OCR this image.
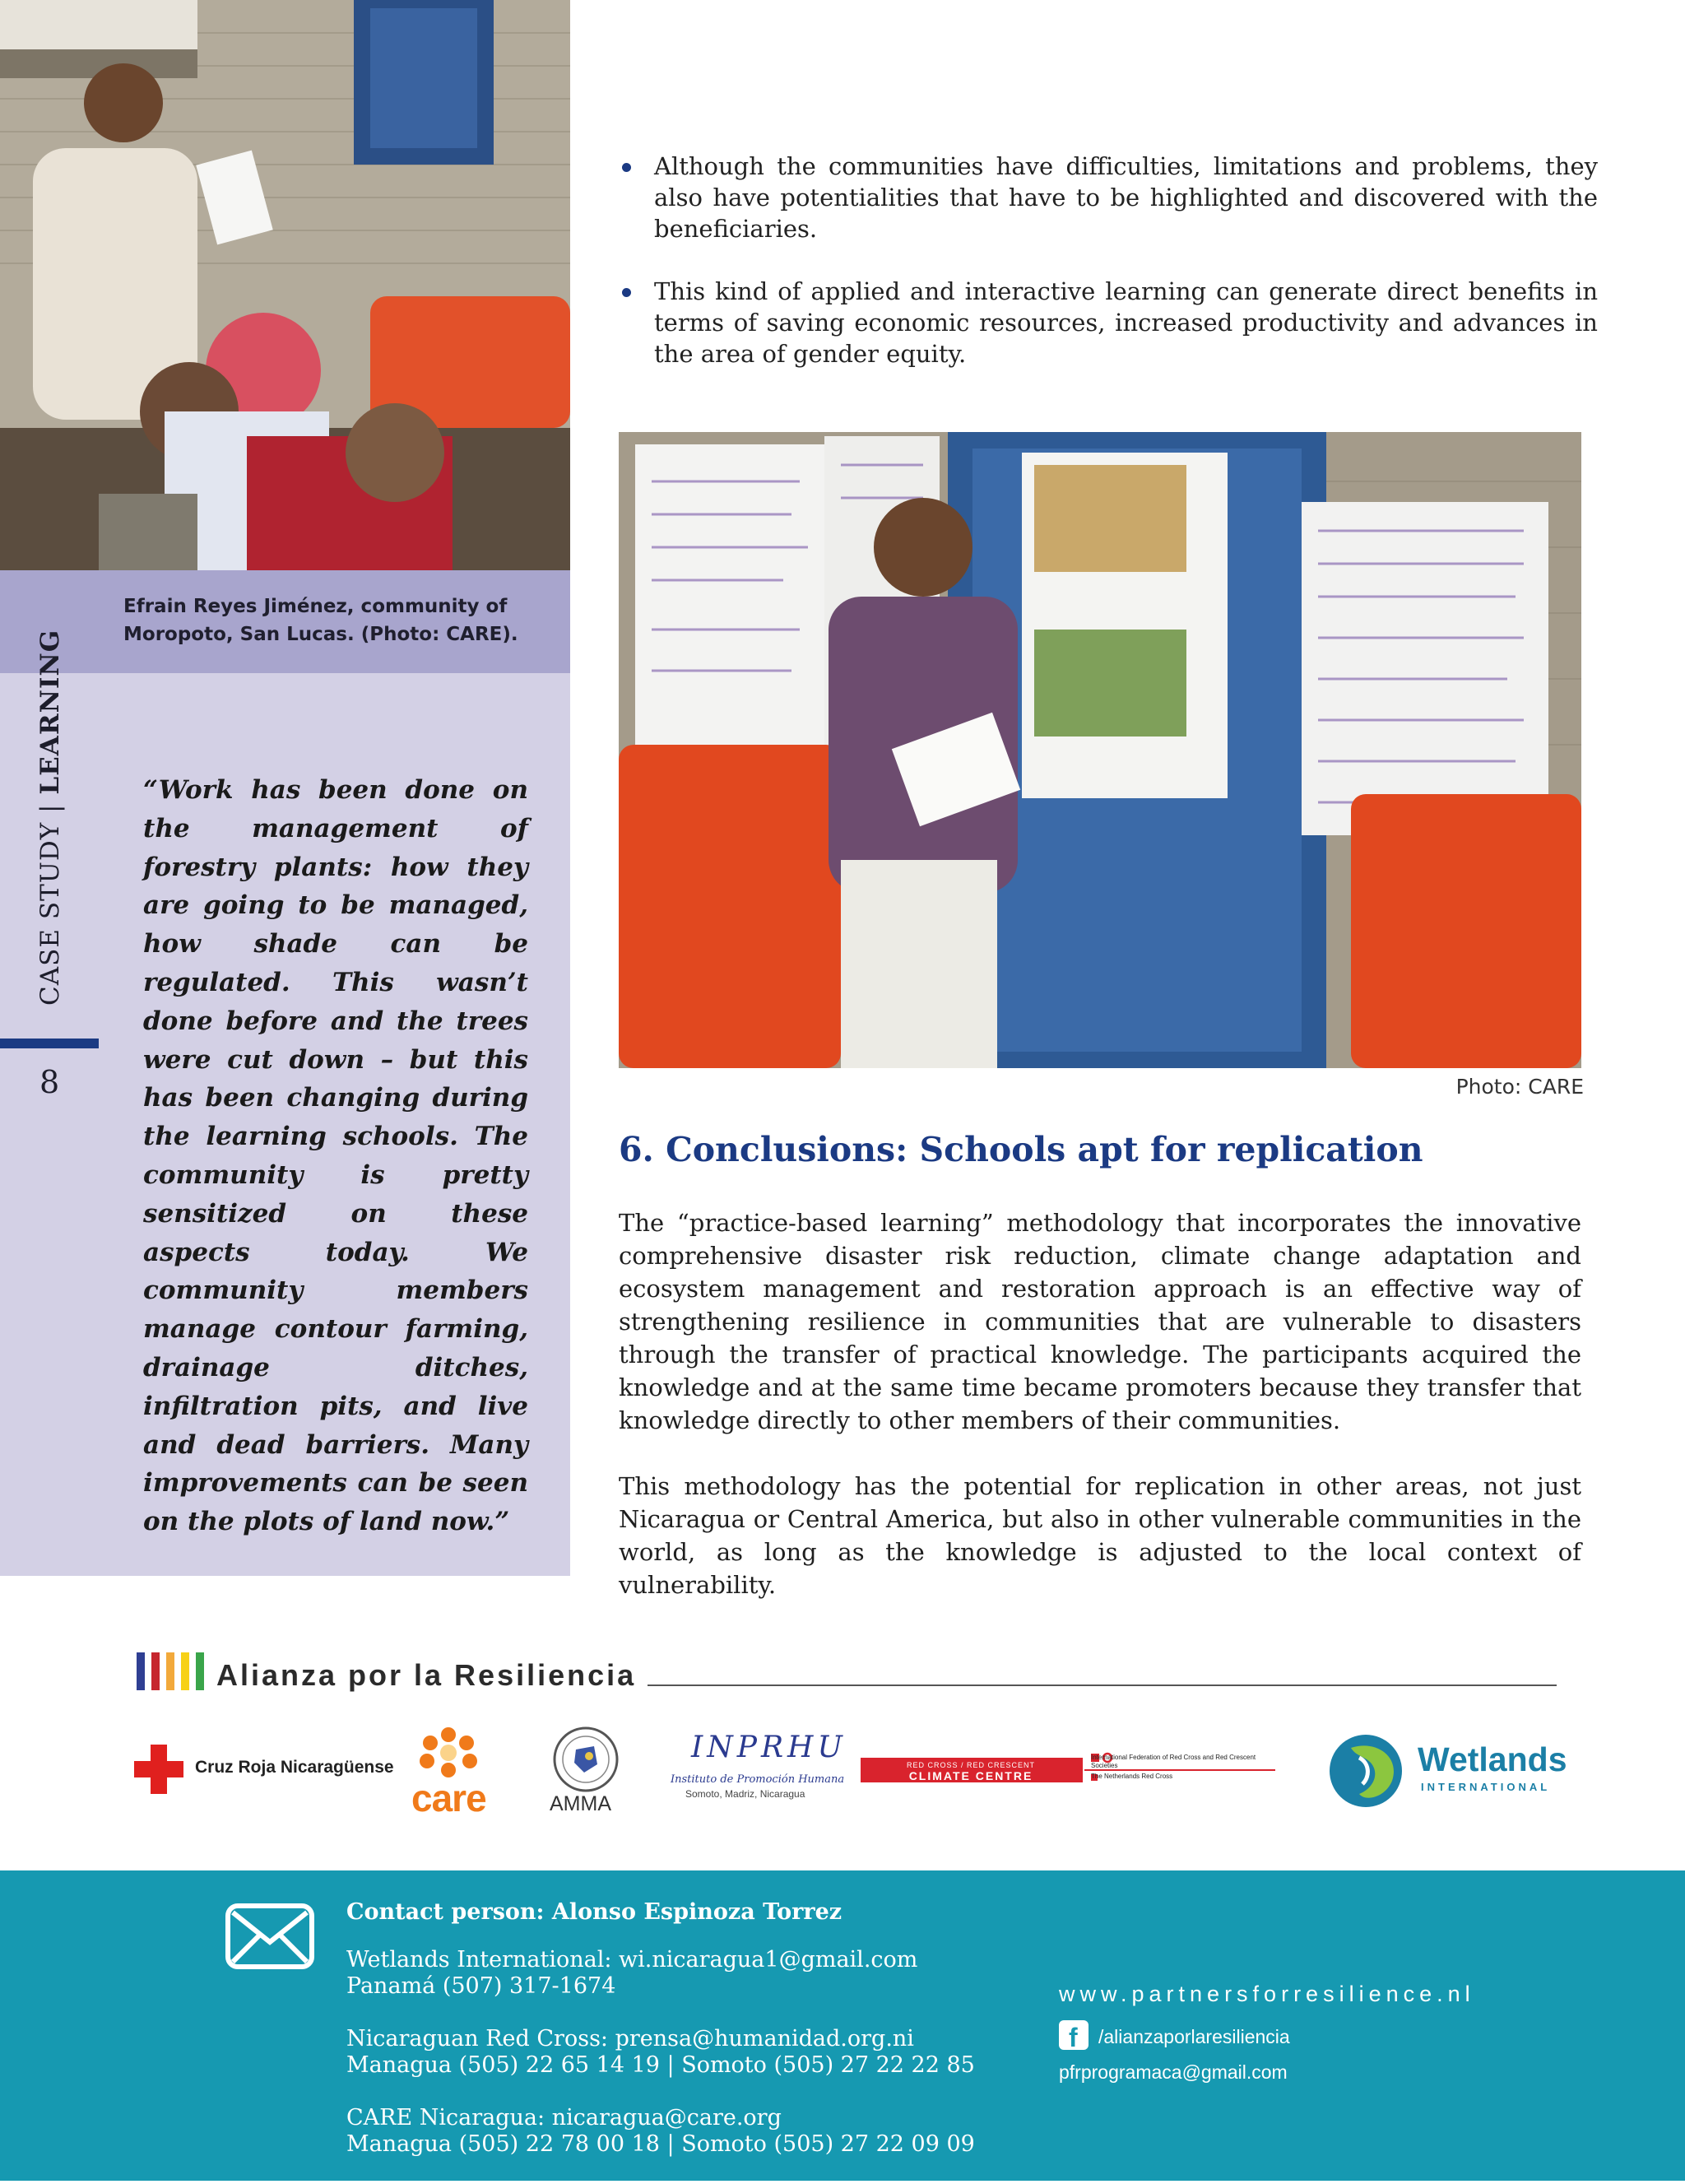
Efrain Reyes Jiménez, community of Moropoto, San Lucas. (Photo: CARE).
CASE STUDY | LEARNING
8
“Work has been done on the management of forestry plants: how they are going to be managed, how shade can be regulated. This wasn’t done before and the trees were cut down – but this has been changing during the learning schools. The community is pretty sensitized on these aspects today. We community members manage contour farming, drainage ditches, infiltration pits, and live and dead barriers. Many improvements can be seen on the plots of land now.”
Although the communities have difficulties, limitations and problems, they also have potentialities that have to be highlighted and discovered with the beneficiaries.
This kind of applied and interactive learning can generate direct benefits in terms of saving economic resources, increased productivity and advances in the area of gender equity.
Photo: CARE
6. Conclusions: Schools apt for replication
The “practice-based learning” methodology that incorporates the innovative comprehensive disaster risk reduction, climate change adaptation and ecosystem management and restoration approach is an effective way of strengthening resilience in communities that are vulnerable to disasters through the transfer of practical knowledge. The participants acquired the knowledge and at the same time became promoters because they transfer that knowledge directly to other members of their communities.
This methodology has the potential for replication in other areas, not just Nicaragua or Central America, but also in other vulnerable communities in the world, as long as the knowledge is adjusted to the local context of vulnerability.
Alianza por la Resiliencia
Cruz Roja Nicaragüense
care	AMMA
INPRHU
Instituto de Promoción Humana
Somoto, Madriz, Nicaragua
RED CROSS / RED CRESCENT
CLIMATE CENTRE
International Federation of Red Cross and Red Crescent Societies
The Netherlands Red Cross	Wetlands
INTERNATIONAL
Contact person: Alonso Espinoza Torrez
Wetlands International: wi.nicaragua1@gmail.com
Panamá (507) 317-1674
Nicaraguan Red Cross: prensa@humanidad.org.ni
Managua (505) 22 65 14 19 | Somoto (505) 27 22 22 85
CARE Nicaragua: nicaragua@care.org
Managua (505) 22 78 00 18 | Somoto (505) 27 22 09 09
www.partnersforresilience.nl
f /alianzaporlaresiliencia
pfrprogramaca@gmail.com
